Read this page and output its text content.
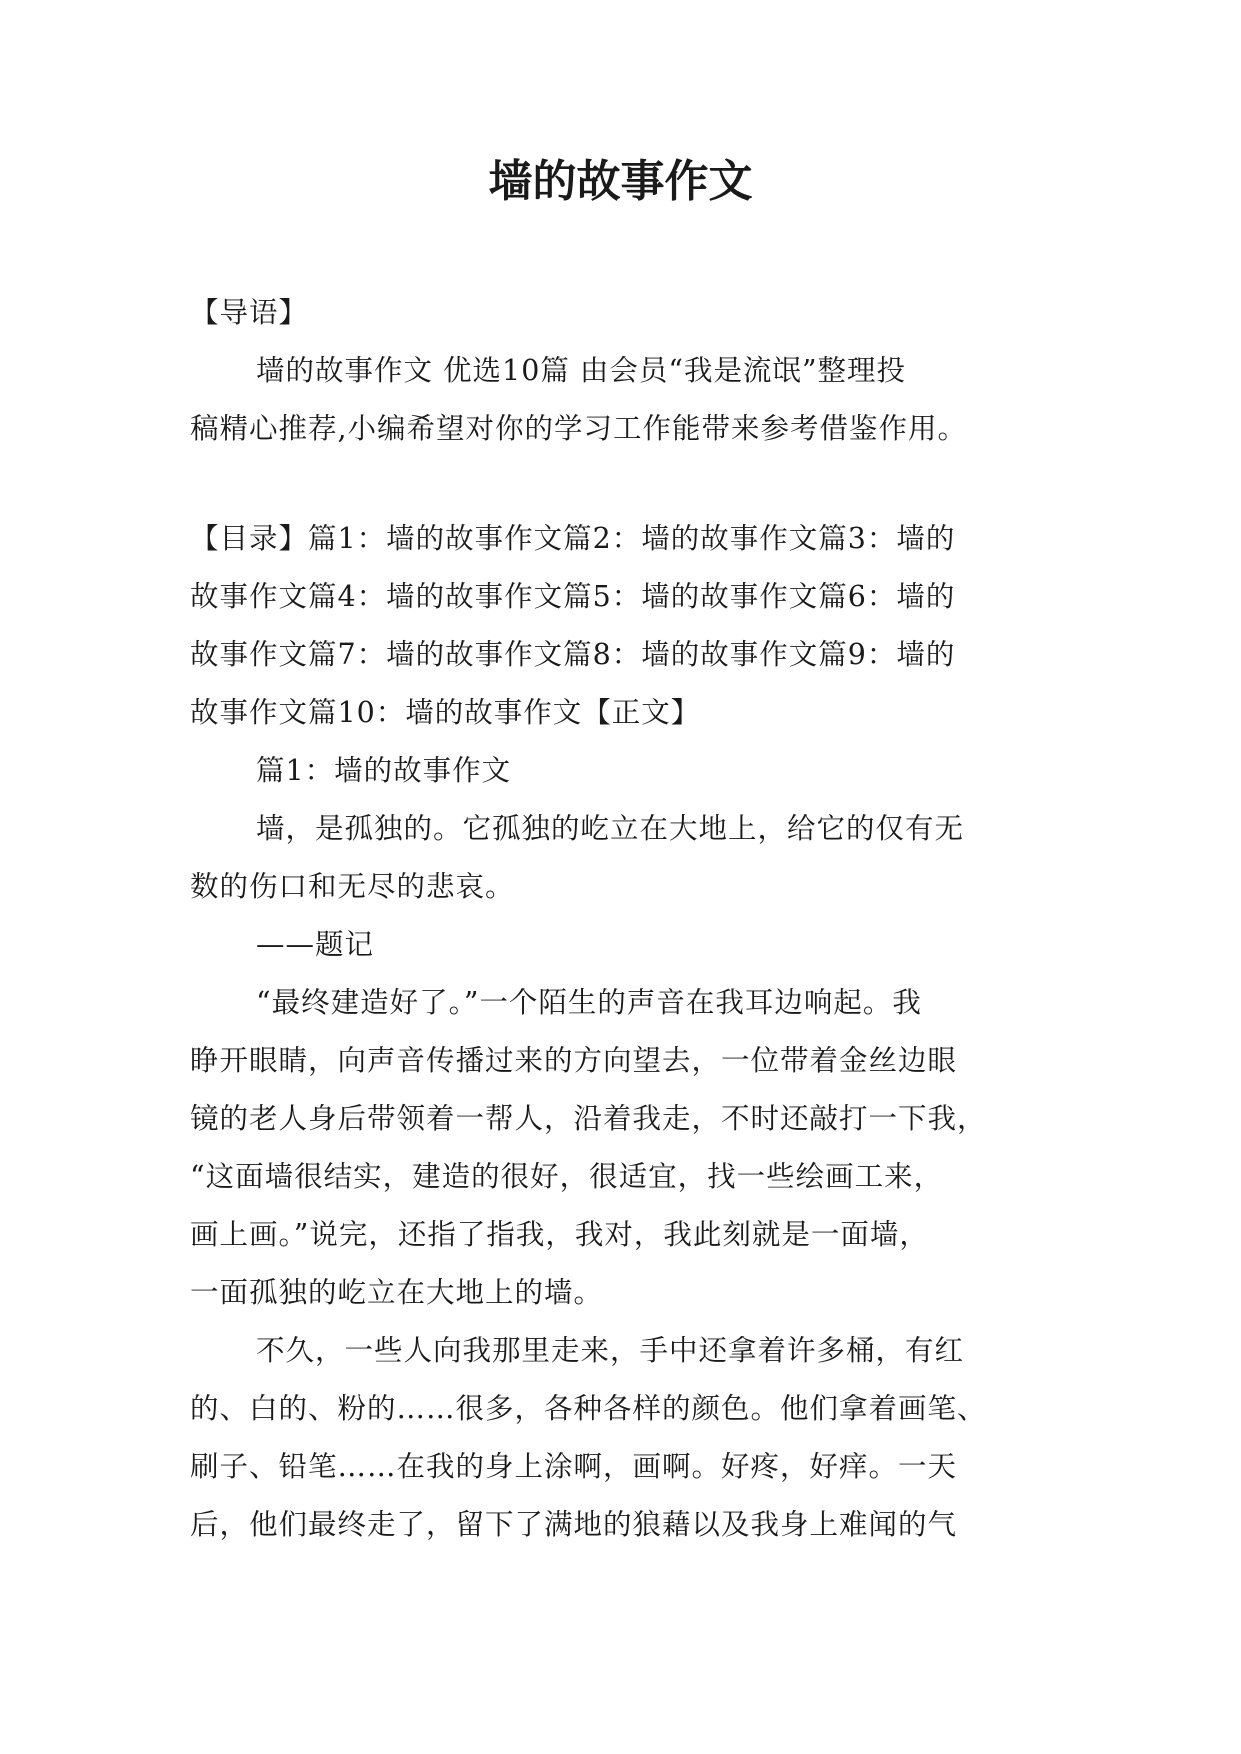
墙的故事作文
【导语】
墙的故事作文 优选10篇 由会员“我是流氓”整理投
稿精心推荐,小编希望对你的学习工作能带来参考借鉴作用。
【目录】篇1：墙的故事作文篇2：墙的故事作文篇3：墙的
故事作文篇4：墙的故事作文篇5：墙的故事作文篇6：墙的
故事作文篇7：墙的故事作文篇8：墙的故事作文篇9：墙的
故事作文篇10：墙的故事作文【正文】
篇1：墙的故事作文
墙，是孤独的。它孤独的屹立在大地上，给它的仅有无
数的伤口和无尽的悲哀。
——题记
“最终建造好了。”一个陌生的声音在我耳边响起。我
睁开眼睛，向声音传播过来的方向望去，一位带着金丝边眼
镜的老人身后带领着一帮人，沿着我走，不时还敲打一下我，
“这面墙很结实，建造的很好，很适宜，找一些绘画工来，
画上画。”说完，还指了指我，我对，我此刻就是一面墙，
一面孤独的屹立在大地上的墙。
不久，一些人向我那里走来，手中还拿着许多桶，有红
的、白的、粉的……很多，各种各样的颜色。他们拿着画笔、
刷子、铅笔……在我的身上涂啊，画啊。好疼，好痒。一天
后，他们最终走了，留下了满地的狼藉以及我身上难闻的气
